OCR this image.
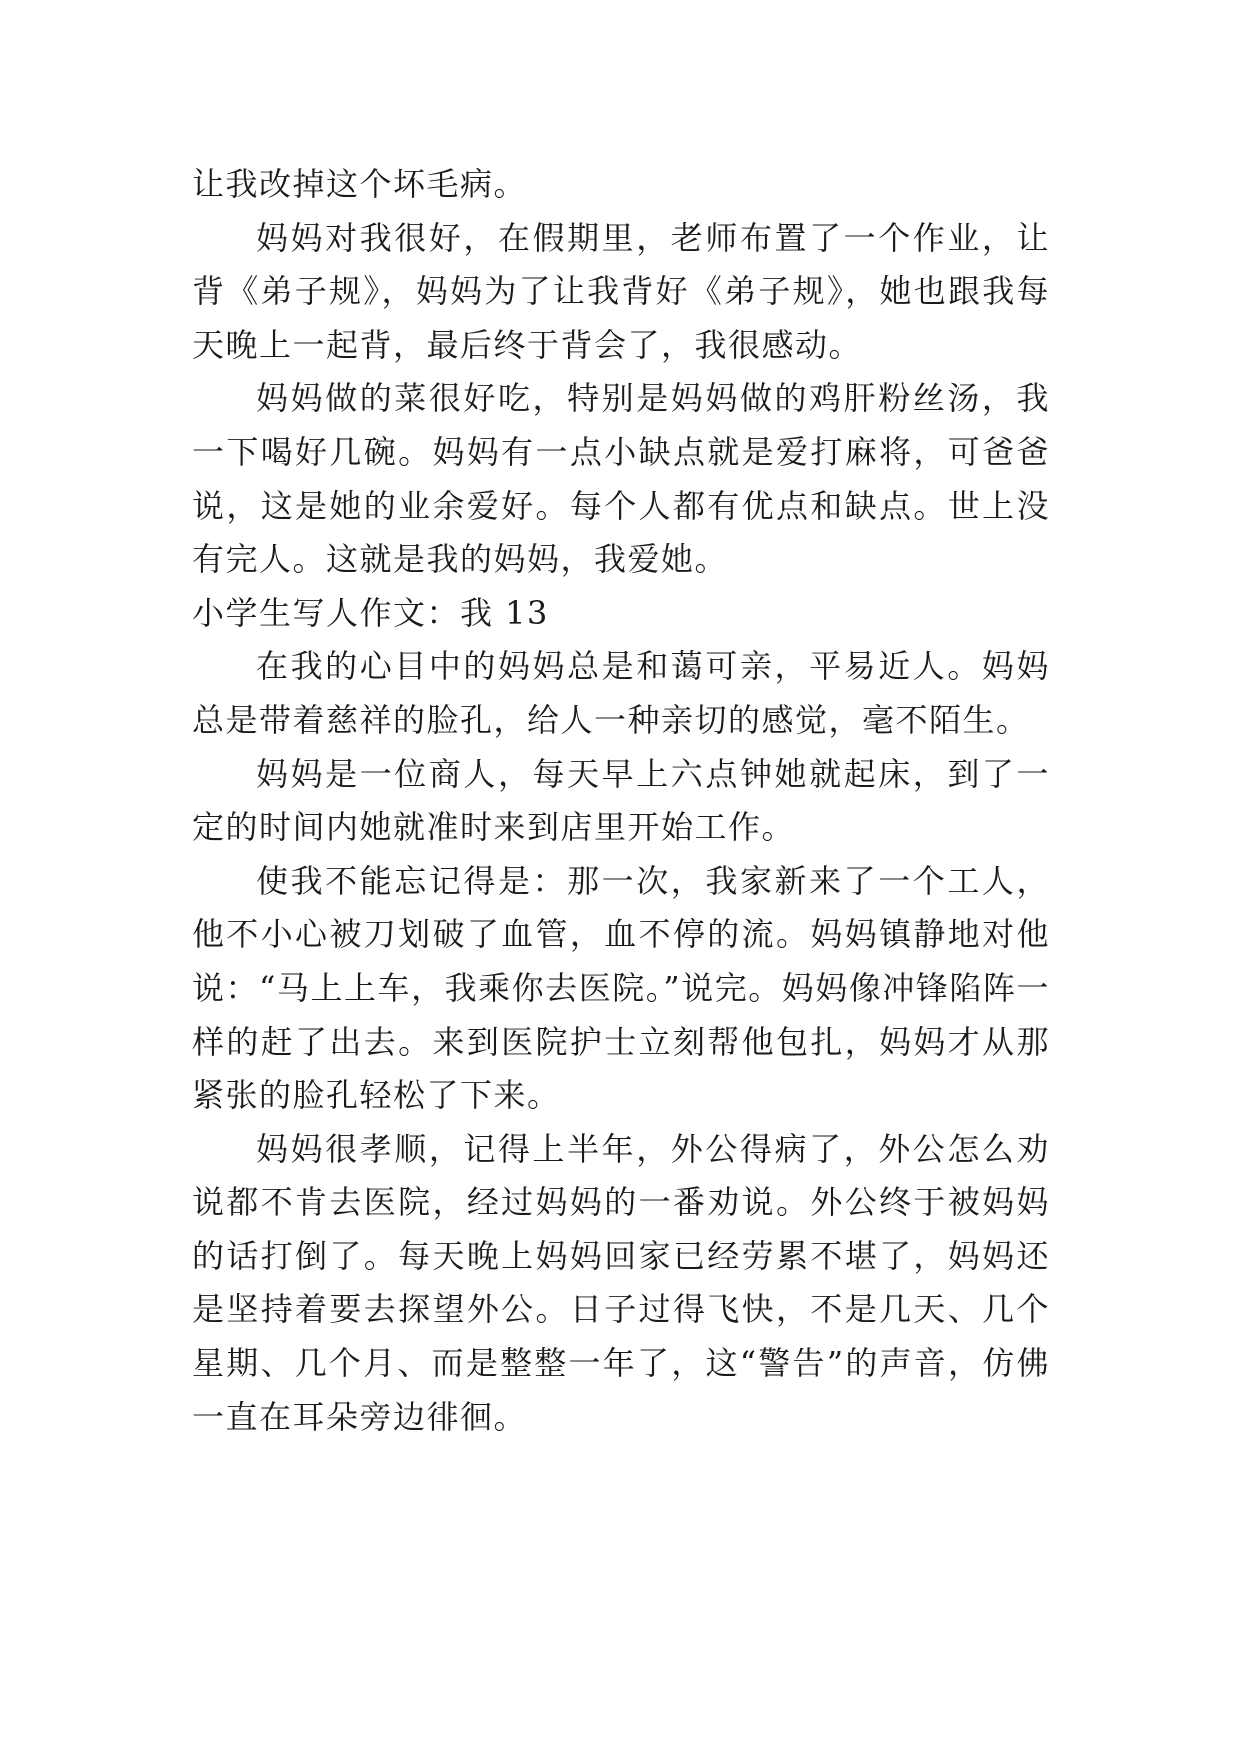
让我改掉这个坏毛病。

妈妈对我很好，在假期里，老师布置了一个作业，让背《弟子规》，妈妈为了让我背好《弟子规》，她也跟我每天晚上一起背，最后终于背会了，我很感动。

妈妈做的菜很好吃，特别是妈妈做的鸡肝粉丝汤，我一下喝好几碗。妈妈有一点小缺点就是爱打麻将，可爸爸说，这是她的业余爱好。每个人都有优点和缺点。世上没有完人。这就是我的妈妈，我爱她。

小学生写人作文：我 13

在我的心目中的妈妈总是和蔼可亲，平易近人。妈妈总是带着慈祥的脸孔，给人一种亲切的感觉，毫不陌生。

妈妈是一位商人，每天早上六点钟她就起床，到了一定的时间内她就准时来到店里开始工作。

使我不能忘记得是：那一次，我家新来了一个工人，他不小心被刀划破了血管，血不停的流。妈妈镇静地对他说：“马上上车，我乘你去医院。”说完。妈妈像冲锋陷阵一样的赶了出去。来到医院护士立刻帮他包扎，妈妈才从那紧张的脸孔轻松了下来。

妈妈很孝顺，记得上半年，外公得病了，外公怎么劝说都不肯去医院，经过妈妈的一番劝说。外公终于被妈妈的话打倒了。每天晚上妈妈回家已经劳累不堪了，妈妈还是坚持着要去探望外公。日子过得飞快，不是几天、几个星期、几个月、而是整整一年了，这“警告”的声音，仿佛一直在耳朵旁边徘徊。
